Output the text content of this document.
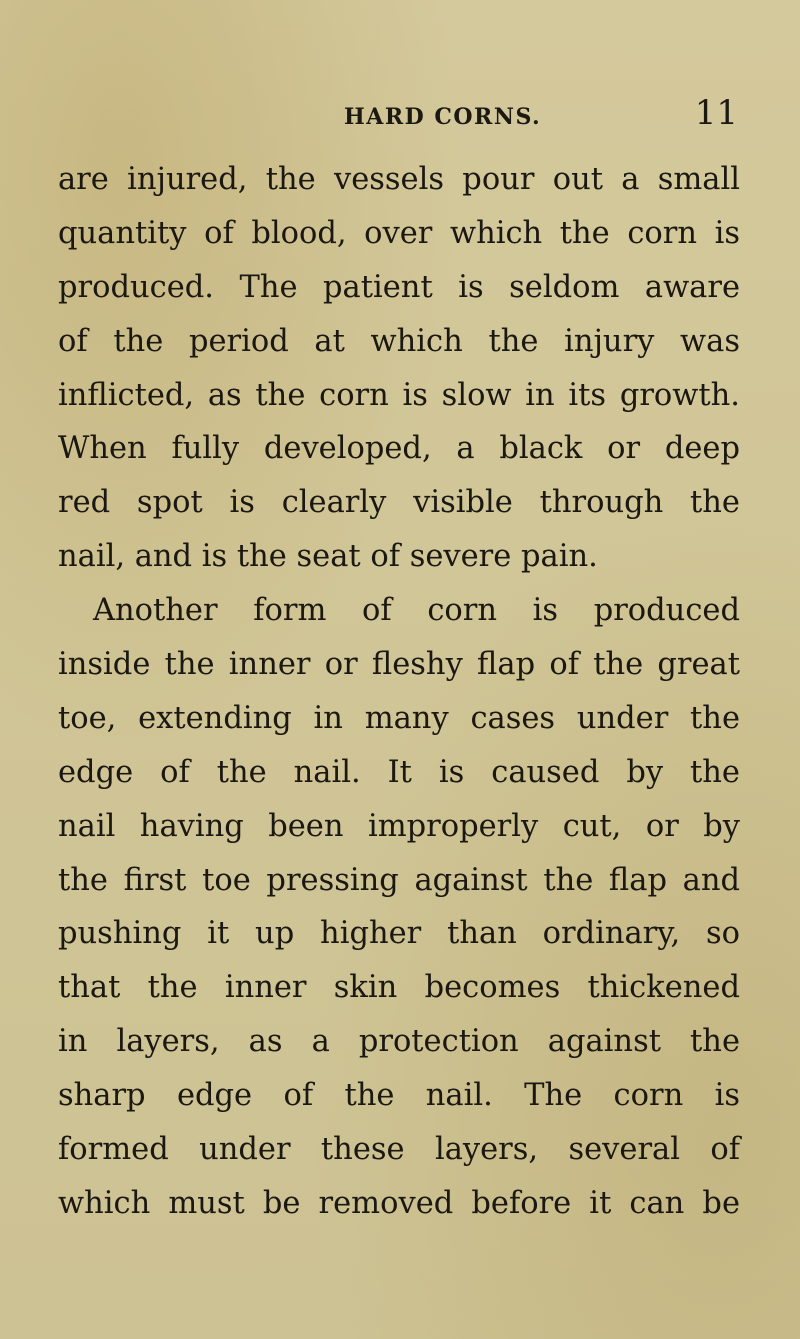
HARD CORNS.	11
are injured, the vessels pour out a small
quantity of blood, over which the corn is
produced. The patient is seldom aware
of the period at which the injury was
inflicted, as the corn is slow in its growth.
When fully developed, a black or deep
red spot is clearly visible through the
nail, and is the seat of severe pain.
Another form of corn is produced
inside the inner or fleshy flap of the great
toe, extending in many cases under the
edge of the nail. It is caused by the
nail having been improperly cut, or by
the first toe pressing against the flap and
pushing it up higher than ordinary, so
that the inner skin becomes thickened
in layers, as a protection against the
sharp edge of the nail. The corn is
formed under these layers, several of
which must be removed before it can be
